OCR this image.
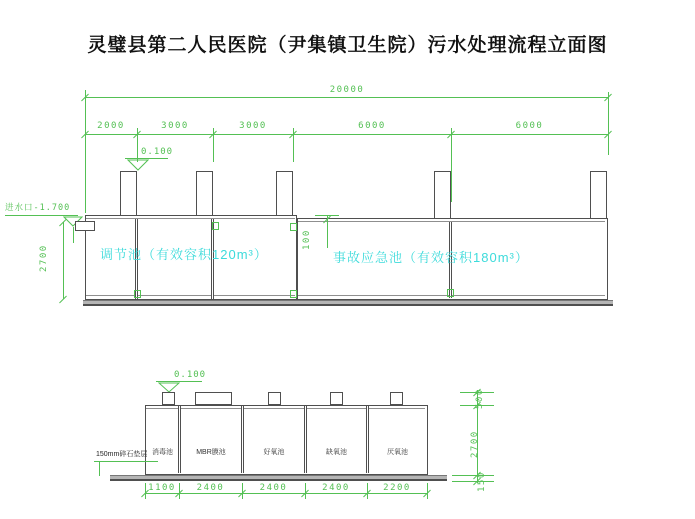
灵璧县第二人民医院（尹集镇卫生院）污水处理流程立面图
20000
2000	3000	3000	6000	6000
0.100
调节池（有效容积120m³）	事故应急池（有效容积180m³）
进水口-1.700
2700
100
0.100
消毒池	MBR膜池	好氧池	缺氧池	厌氧池
150mm碎石垫层
1100	2400	2400	2400	2200
500
2700
150
